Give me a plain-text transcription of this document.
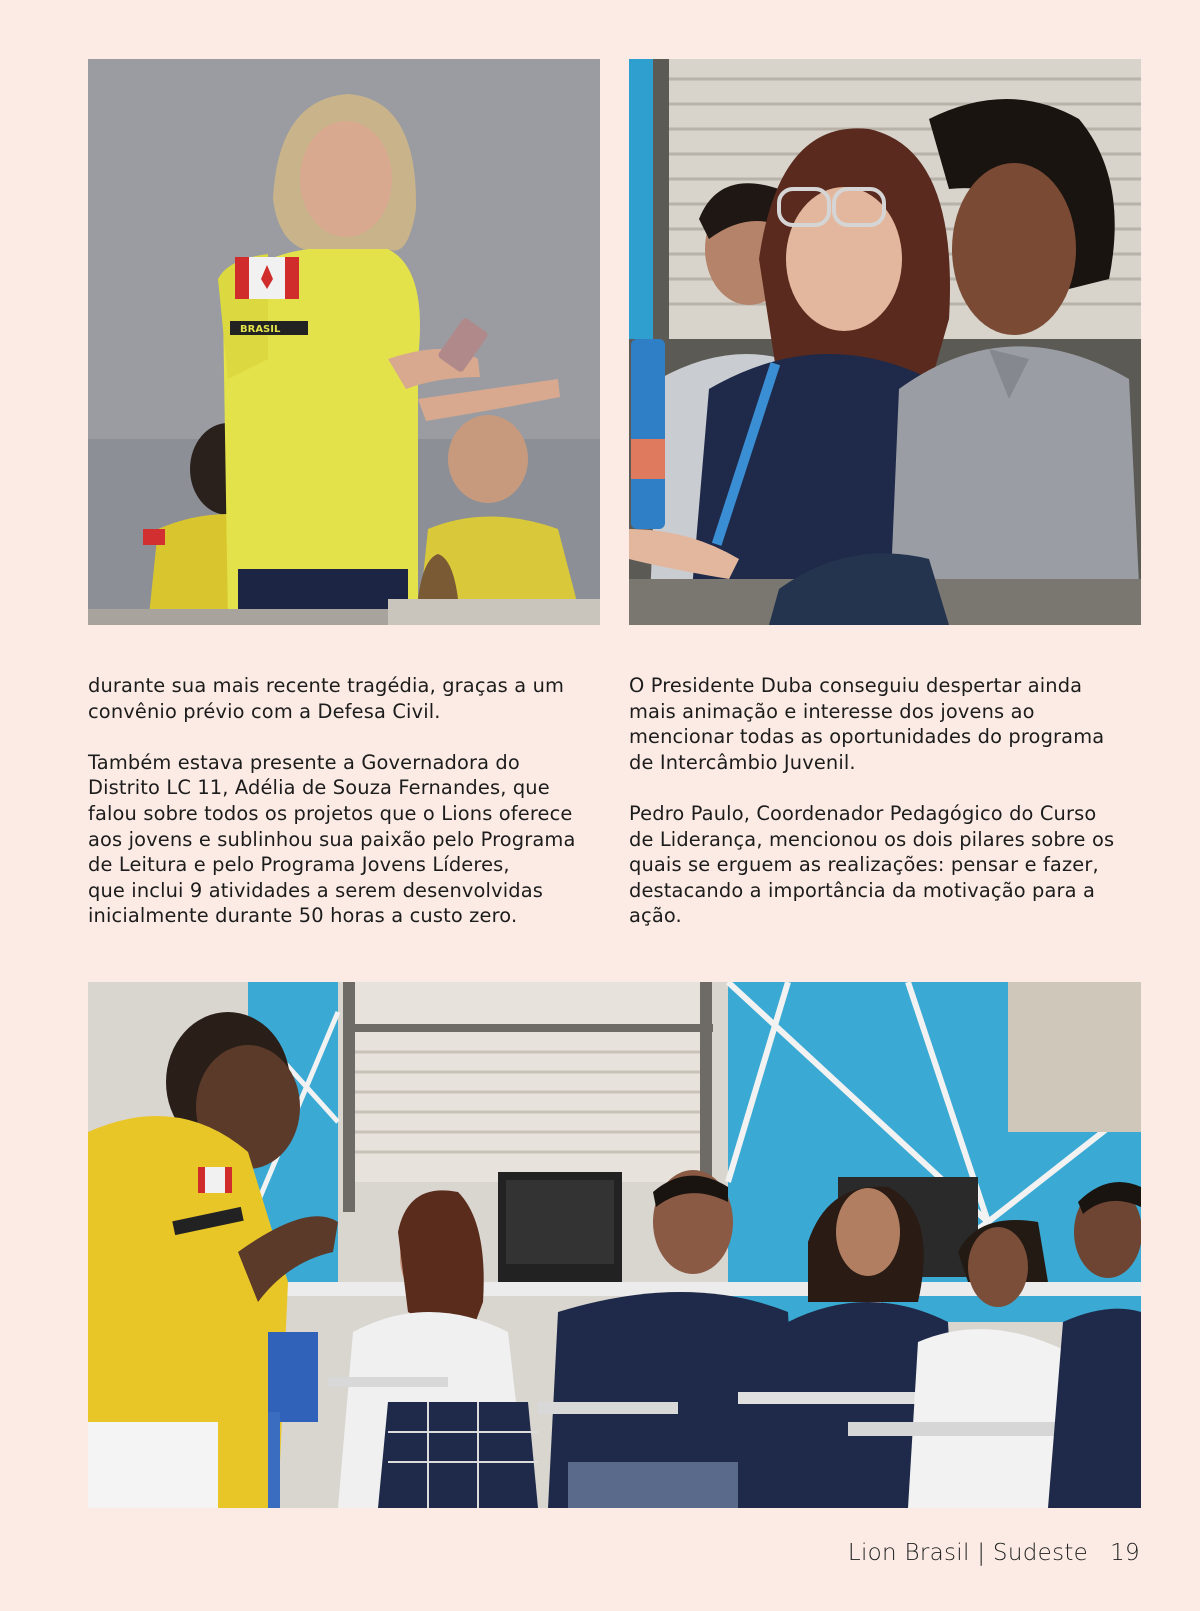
BRASIL

durante sua mais recente tragédia, graças a um
convênio prévio com a Defesa Civil.

Também estava presente a Governadora do
Distrito LC 11, Adélia de Souza Fernandes, que
falou sobre todos os projetos que o Lions oferece
aos jovens e sublinhou sua paixão pelo Programa
de Leitura e pelo Programa Jovens Líderes,
que inclui 9 atividades a serem desenvolvidas
inicialmente durante 50 horas a custo zero.

O Presidente Duba conseguiu despertar ainda
mais animação e interesse dos jovens ao
mencionar todas as oportunidades do programa
de Intercâmbio Juvenil.

Pedro Paulo, Coordenador Pedagógico do Curso
de Liderança, mencionou os dois pilares sobre os
quais se erguem as realizações: pensar e fazer,
destacando a importância da motivação para a
ação.

Lion Brasil | Sudeste 19
